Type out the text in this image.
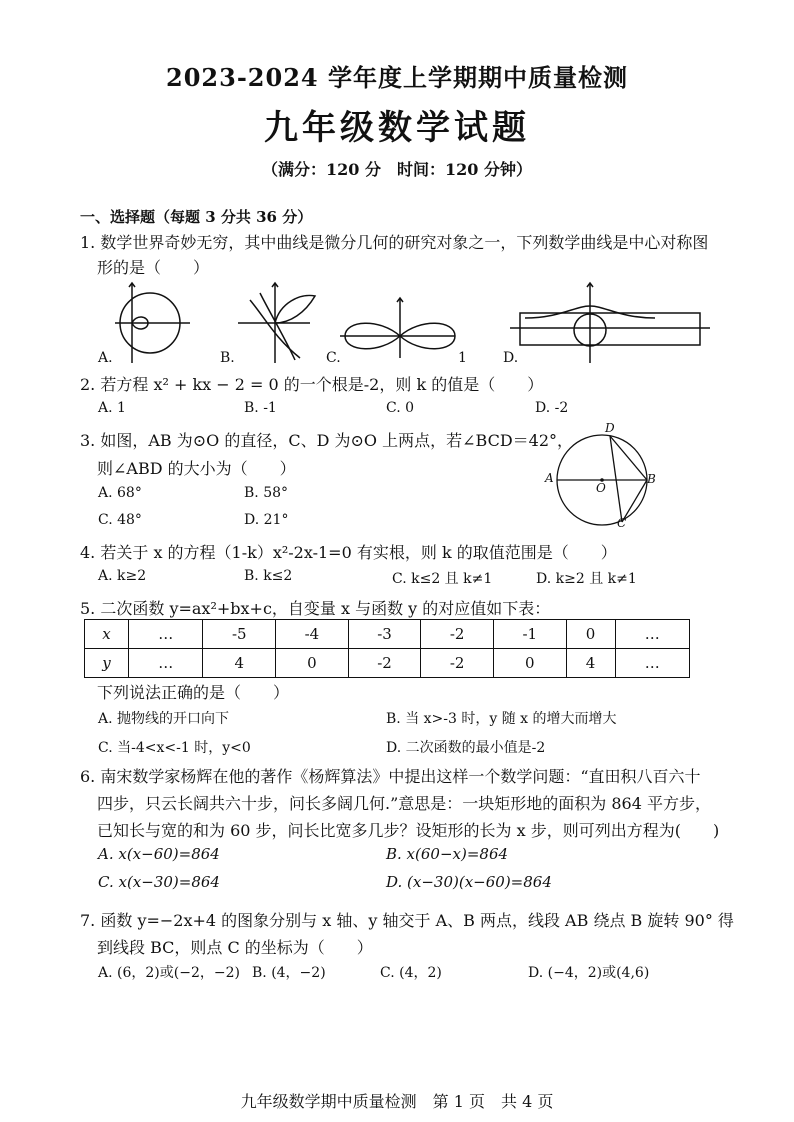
2023-2024 学年度上学期期中质量检测
九年级数学试题
（满分：120 分　时间：120 分钟）
一、选择题（每题 3 分共 36 分）
1. 数学世界奇妙无穷，其中曲线是微分几何的研究对象之一，下列数学曲线是中心对称图
形的是（　　）
A.	B.	C.	1	D.
2. 若方程 x² + kx − 2 = 0 的一个根是-2，则 k 的值是（　　）
A. 1	B. -1	C. 0	D. -2
3. 如图，AB 为⊙O 的直径，C、D 为⊙O 上两点，若∠BCD＝42°，
则∠ABD 的大小为（　　）
A. 68°	B. 58°
C. 48°	D. 21°
A	B
C
D
O
4. 若关于 x 的方程（1-k）x²-2x-1=0 有实根，则 k 的取值范围是（　　）
A. k≥2	B. k≤2	C. k≤2 且 k≠1	D. k≥2 且 k≠1
5. 二次函数 y=ax²+bx+c，自变量 x 与函数 y 的对应值如下表：
x	…	-5	-4	-3	-2	-1	0	…
y	…	4	0	-2	-2	0	4	…
下列说法正确的是（　　）
A. 抛物线的开口向下	B. 当 x>-3 时，y 随 x 的增大而增大
C. 当-4<x<-1 时，y<0	D. 二次函数的最小值是-2
6. 南宋数学家杨辉在他的著作《杨辉算法》中提出这样一个数学问题：“直田积八百六十
四步，只云长阔共六十步，问长多阔几何.”意思是：一块矩形地的面积为 864 平方步，
已知长与宽的和为 60 步，问长比宽多几步？设矩形的长为 x 步，则可列出方程为(　　)
A. x(x−60)=864	B. x(60−x)=864
C. x(x−30)=864	D. (x−30)(x−60)=864
7. 函数 y=−2x+4 的图象分别与 x 轴、y 轴交于 A、B 两点，线段 AB 绕点 B 旋转 90° 得
到线段 BC，则点 C 的坐标为（　　）
A. (6，2)或(−2，−2) B. (4，−2)	C. (4，2)	D. (−4，2)或(4,6)
九年级数学期中质量检测　第 1 页　共 4 页
